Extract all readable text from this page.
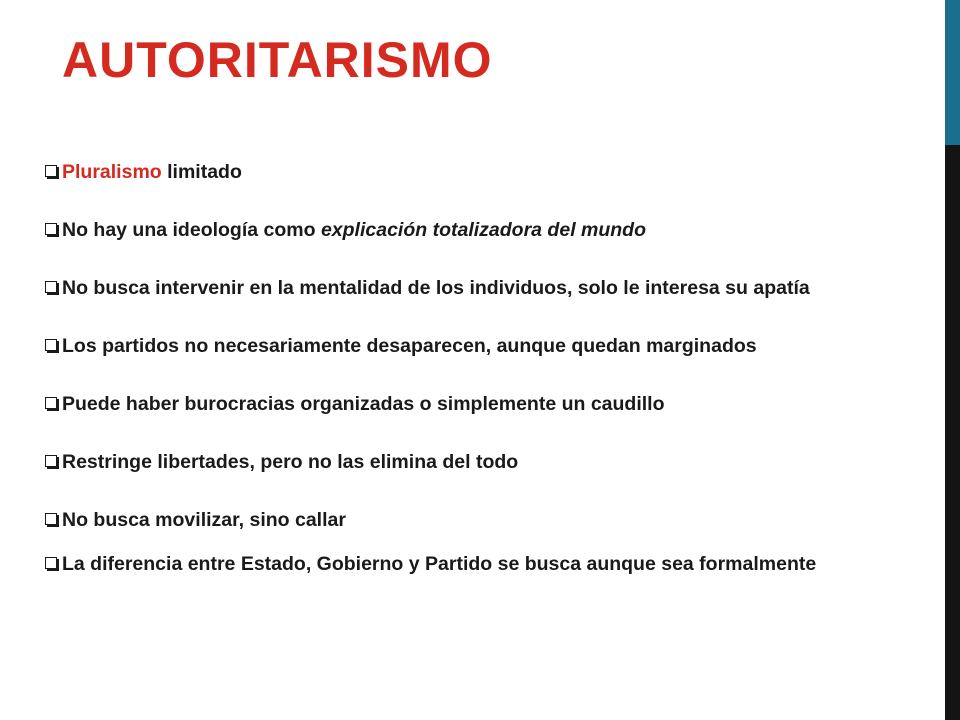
AUTORITARISMO
Pluralismo limitado
No hay una ideología como explicación totalizadora del mundo
No busca intervenir en la mentalidad de los individuos, solo le interesa su apatía
Los partidos no necesariamente desaparecen, aunque quedan marginados
Puede haber burocracias organizadas o simplemente un caudillo
Restringe libertades, pero no las elimina del todo
No busca movilizar, sino callar
La diferencia entre Estado, Gobierno y Partido se busca aunque sea formalmente
